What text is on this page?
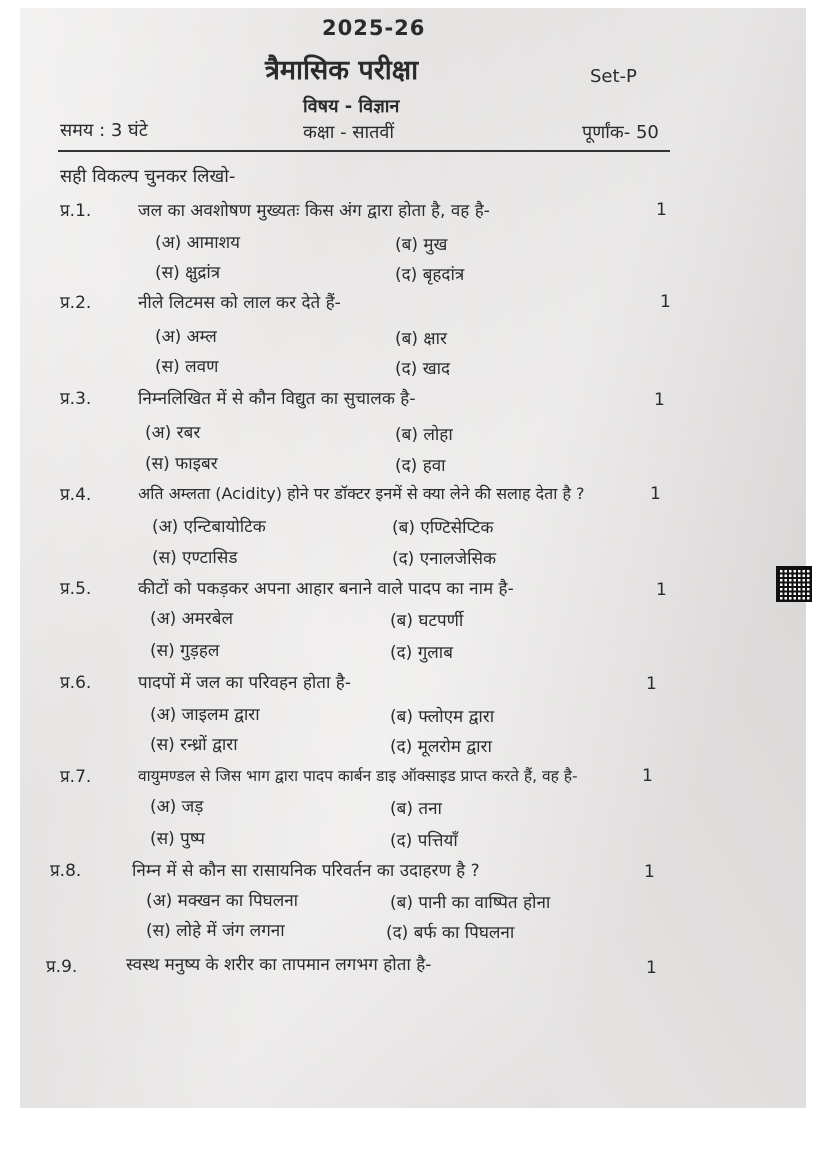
2025-26
त्रैमासिक परीक्षा	Set-P
विषय - विज्ञान
समय : 3 घंटे	कक्षा - सातवीं	पूर्णांक- 50
सही विकल्प चुनकर लिखो-
प्र.1.	जल का अवशोषण मुख्यतः किस अंग द्वारा होता है, वह है-	1
(अ) आमाशय	(ब) मुख
(स) क्षुद्रांत्र	(द) बृहदांत्र
प्र.2.	नीले लिटमस को लाल कर देते हैं-	1
(अ) अम्ल	(ब) क्षार
(स) लवण	(द) खाद
प्र.3.	निम्नलिखित में से कौन विद्युत का सुचालक है-	1
(अ) रबर	(ब) लोहा
(स) फाइबर	(द) हवा
प्र.4.	अति अम्लता (Acidity) होने पर डॉक्टर इनमें से क्या लेने की सलाह देता है ?	1
(अ) एन्टिबायोटिक	(ब) एण्टिसेप्टिक
(स) एण्टासिड	(द) एनालजेसिक
प्र.5.	कीटों को पकड़कर अपना आहार बनाने वाले पादप का नाम है-	1
(अ) अमरबेल	(ब) घटपर्णी
(स) गुड़हल	(द) गुलाब
प्र.6.	पादपों में जल का परिवहन होता है-	1
(अ) जाइलम द्वारा	(ब) फ्लोएम द्वारा
(स) रन्ध्रों द्वारा	(द) मूलरोम द्वारा
प्र.7.	वायुमण्डल से जिस भाग द्वारा पादप कार्बन डाइ ऑक्साइड प्राप्त करते हैं, वह है-	1
(अ) जड़	(ब) तना
(स) पुष्प	(द) पत्तियाँ
प्र.8.	निम्न में से कौन सा रासायनिक परिवर्तन का उदाहरण है ?	1
(अ) मक्खन का पिघलना	(ब) पानी का वाष्पित होना
(स) लोहे में जंग लगना	(द) बर्फ का पिघलना
प्र.9.	स्वस्थ मनुष्य के शरीर का तापमान लगभग होता है-	1
